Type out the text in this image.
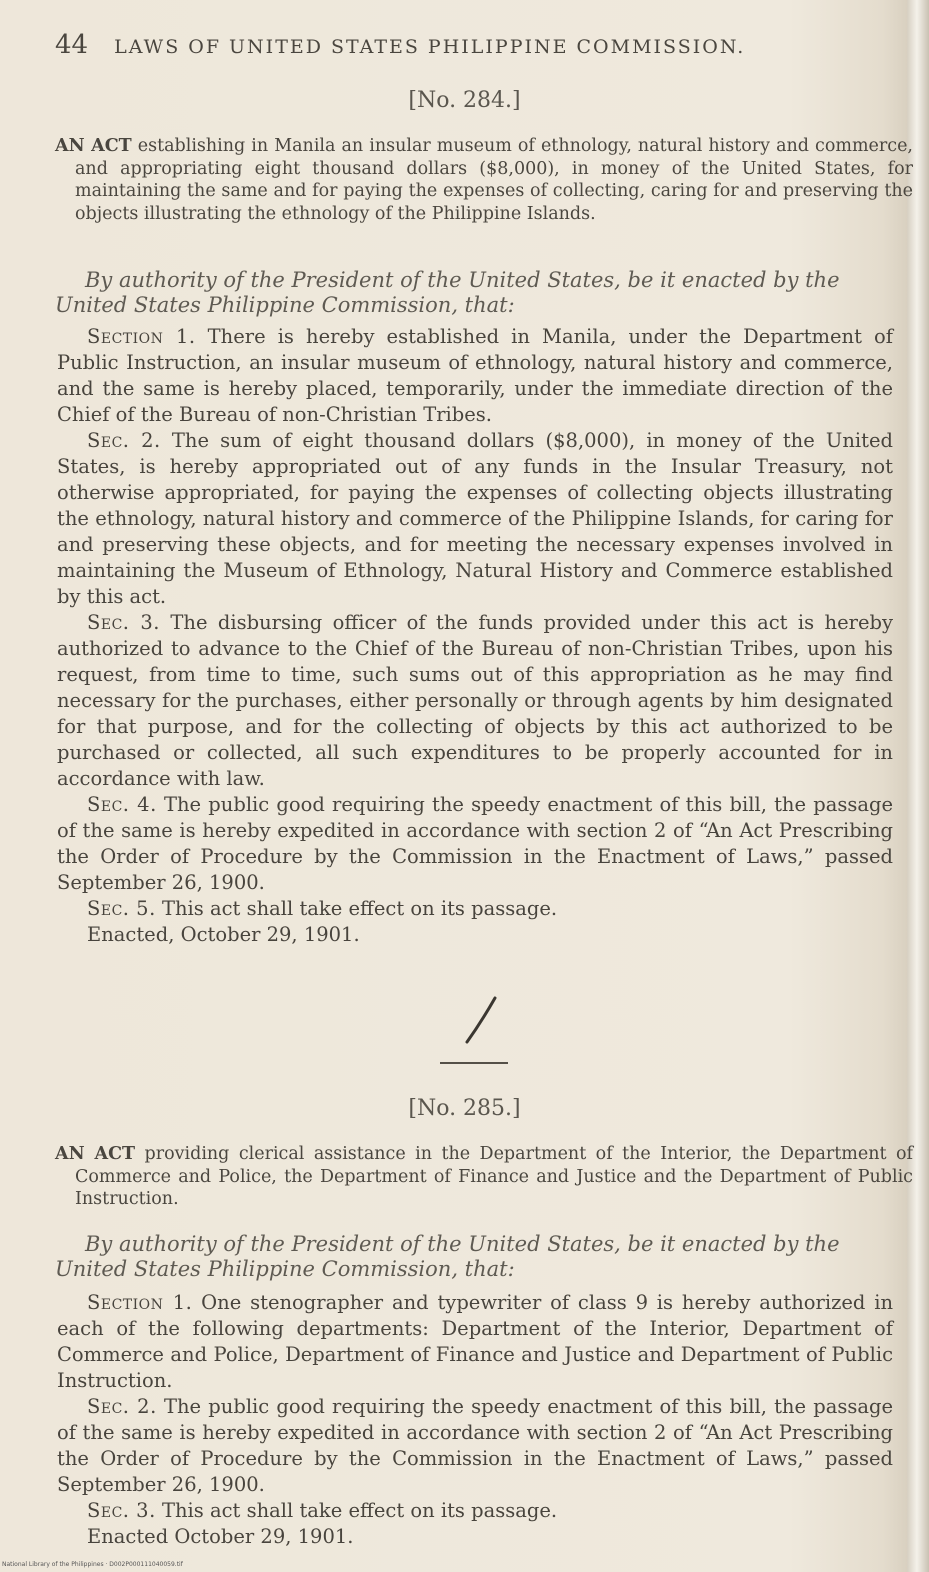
44 LAWS OF UNITED STATES PHILIPPINE COMMISSION.
[No. 284.]
AN ACT establishing in Manila an insular museum of ethnology, natural history and commerce, and appropriating eight thousand dollars ($8,000), in money of the United States, for maintaining the same and for paying the expenses of collecting, caring for and preserving the objects illustrating the ethnology of the Philippine Islands.
By authority of the President of the United States, be it enacted by the United States Philippine Commission, that:

Section 1. There is hereby established in Manila, under the Department of Public Instruction, an insular museum of ethnology, natural history and commerce, and the same is hereby placed, temporarily, under the immediate direction of the Chief of the Bureau of non-Christian Tribes.

Sec. 2. The sum of eight thousand dollars ($8,000), in money of the United States, is hereby appropriated out of any funds in the Insular Treasury, not otherwise appropriated, for paying the expenses of collecting objects illustrating the ethnology, natural history and commerce of the Philippine Islands, for caring for and preserving these objects, and for meeting the necessary expenses involved in maintaining the Museum of Ethnology, Natural History and Commerce established by this act.

Sec. 3. The disbursing officer of the funds provided under this act is hereby authorized to advance to the Chief of the Bureau of non-Christian Tribes, upon his request, from time to time, such sums out of this appropriation as he may find necessary for the purchases, either personally or through agents by him designated for that purpose, and for the collecting of objects by this act authorized to be purchased or collected, all such expenditures to be properly accounted for in accordance with law.

Sec. 4. The public good requiring the speedy enactment of this bill, the passage of the same is hereby expedited in accordance with section 2 of “An Act Prescribing the Order of Procedure by the Commission in the Enactment of Laws,” passed September 26, 1900.

Sec. 5. This act shall take effect on its passage.

Enacted, October 29, 1901.

[No. 285.]
AN ACT providing clerical assistance in the Department of the Interior, the Department of Commerce and Police, the Department of Finance and Justice and the Department of Public Instruction.
By authority of the President of the United States, be it enacted by the United States Philippine Commission, that:

Section 1. One stenographer and typewriter of class 9 is hereby authorized in each of the following departments: Department of the Interior, Department of Commerce and Police, Department of Finance and Justice and Department of Public Instruction.

Sec. 2. The public good requiring the speedy enactment of this bill, the passage of the same is hereby expedited in accordance with section 2 of “An Act Prescribing the Order of Procedure by the Commission in the Enactment of Laws,” passed September 26, 1900.

Sec. 3. This act shall take effect on its passage.

Enacted October 29, 1901.

National Library of the Philippines · D002P000111040059.tif
